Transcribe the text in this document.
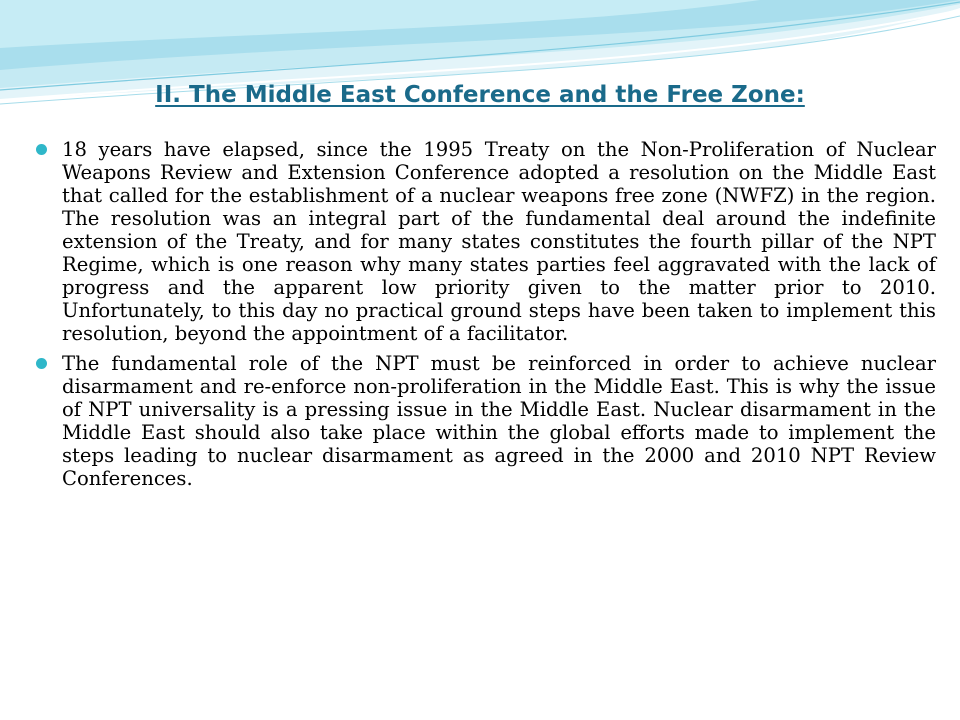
II. The Middle East Conference and the Free Zone:
18 years have elapsed, since the 1995 Treaty on the Non-Proliferation of Nuclear Weapons Review and Extension Conference adopted a resolution on the Middle East that called for the establishment of a nuclear weapons free zone (NWFZ) in the region. The resolution was an integral part of the fundamental deal around the indefinite extension of the Treaty, and for many states constitutes the fourth pillar of the NPT Regime, which is one reason why many states parties feel aggravated with the lack of progress and the apparent low priority given to the matter prior to 2010. Unfortunately, to this day no practical ground steps have been taken to implement this resolution, beyond the appointment of a facilitator.
The fundamental role of the NPT must be reinforced in order to achieve nuclear disarmament and re-enforce non-proliferation in the Middle East. This is why the issue of NPT universality is a pressing issue in the Middle East. Nuclear disarmament in the Middle East should also take place within the global efforts made to implement the steps leading to nuclear disarmament as agreed in the 2000 and 2010 NPT Review Conferences.
